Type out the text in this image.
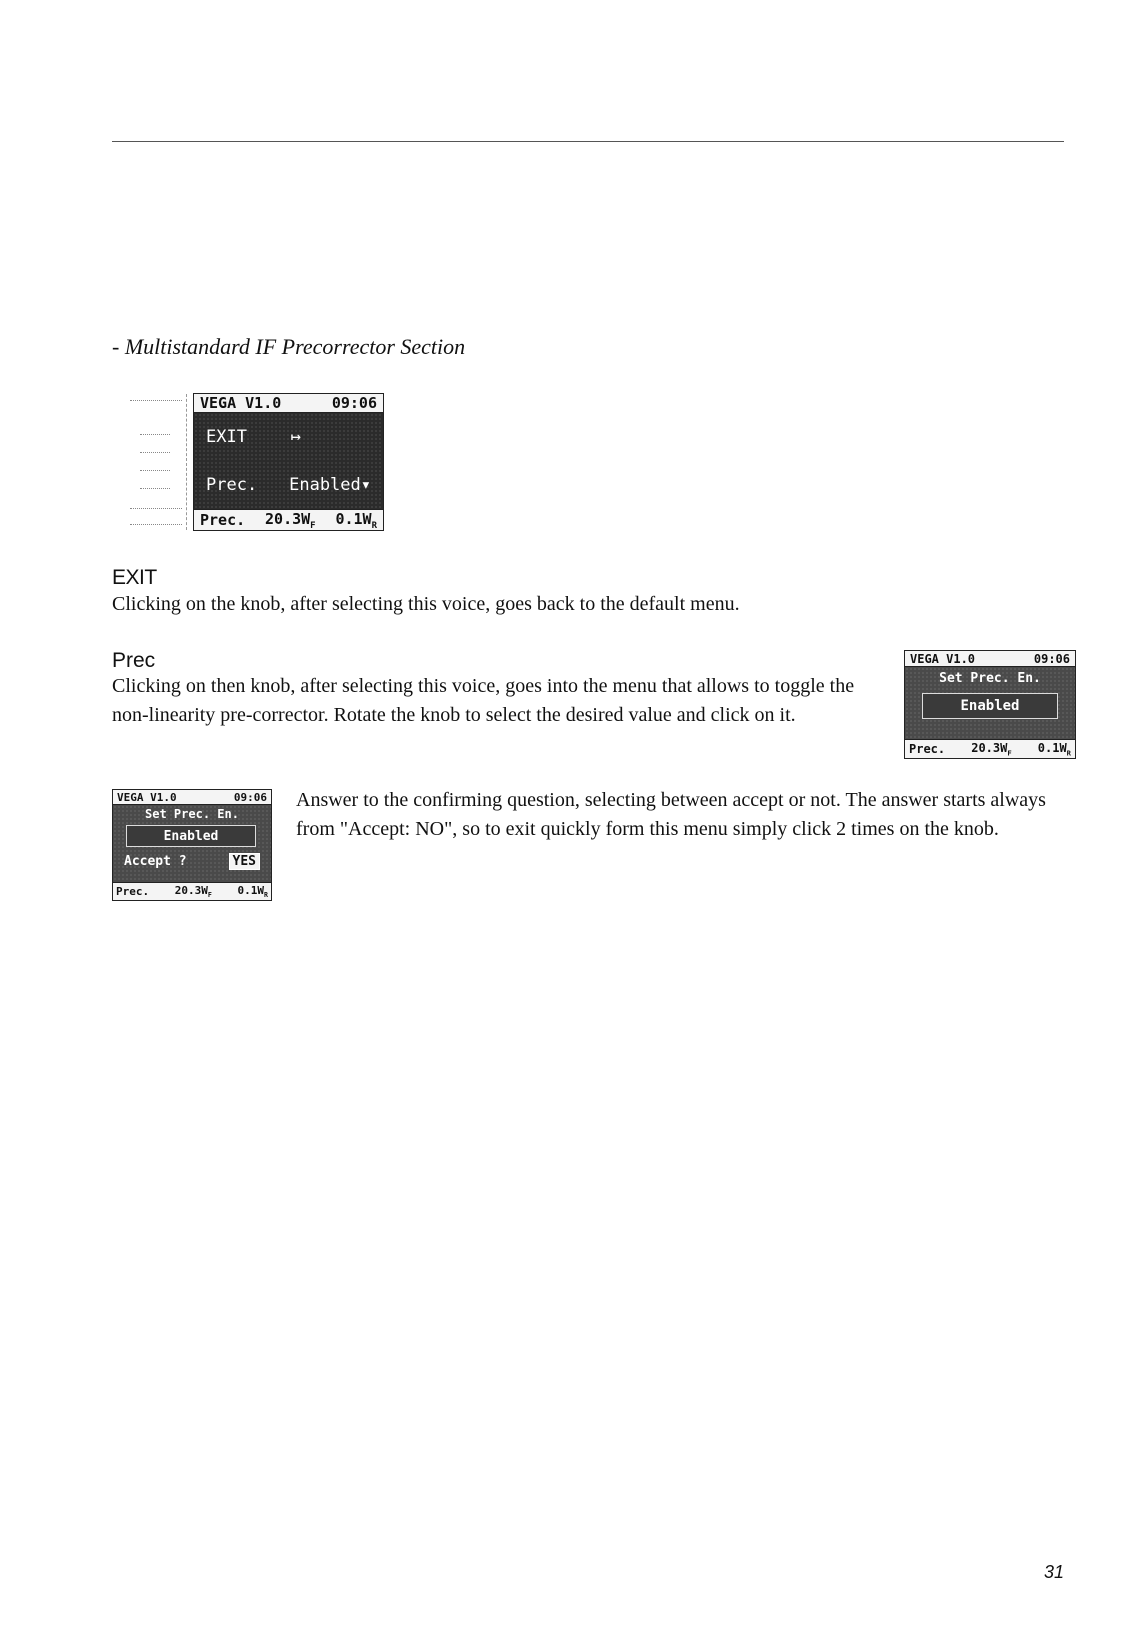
- Multistandard IF Precorrector Section
VEGA V1.0	09:06
EXIT	↦
Prec. Enabled▾
Prec. $20.3W_F$ $0.1W_R$
EXIT
Clicking on the knob, after selecting this voice, goes back to the default menu.
Prec
Clicking on then knob, after selecting this voice, goes into the menu that allows to toggle the non-linearity pre-corrector. Rotate the knob to select the desired value and click on it.
VEGA V1.0	09:06
Set Prec. En.
Enabled
Prec. $20.3W_F$ $0.1W_R$
VEGA V1.0	09:06
Set Prec. En.
Enabled
Accept ?	YES
Prec. $20.3W_F$ $0.1W_R$
Answer to the confirming question, selecting between accept or not. The answer starts always from "Accept: NO", so to exit quickly form this menu simply click 2 times on the knob.
31
